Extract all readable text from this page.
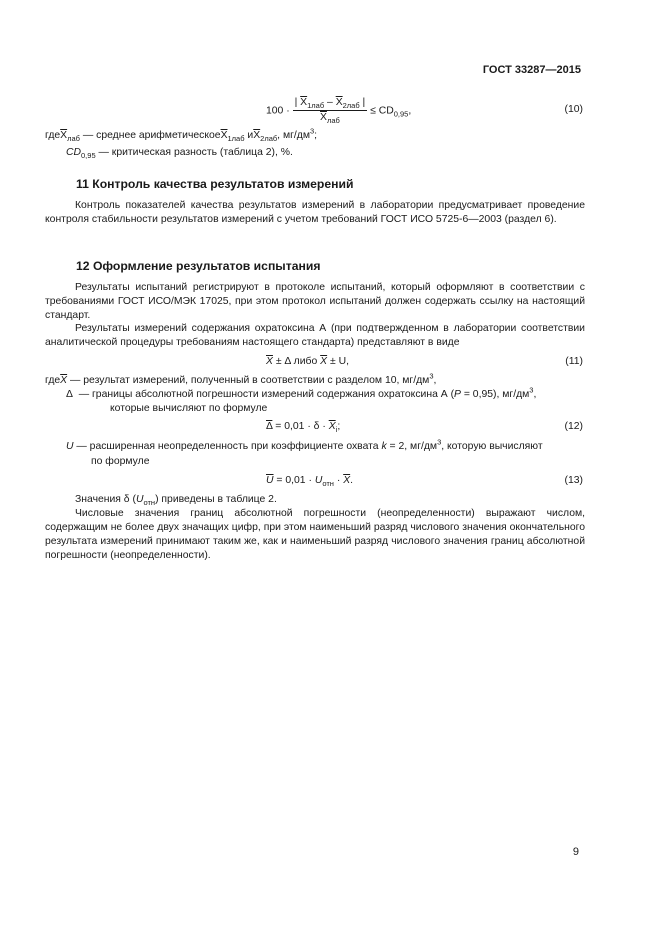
ГОСТ 33287—2015
$100 \cdot \frac{| \overline{X}_{1лаб} - \overline{X}_{2лаб} |}{\overline{X}_{лаб}} \le CD_{0,95}$,	(10)
$где\overline{X}_{лаб}$ — среднее $арифметическое\overline{X}_{1лаб}$ $и\overline{X}_{2лаб}$, $мг/дм^3$;
$CD_{0,95}$ — критическая разность (таблица 2), %.
11 Контроль качества результатов измерений

Контроль показателей качества результатов измерений в лаборатории предусматривает проведение контроля стабильности результатов измерений с учетом требований ГОСТ ИСО 5725-6—2003 (раздел 6).

12 Оформление результатов испытания

Результаты испытаний регистрируют в протоколе испытаний, который оформляют в соответствии с требованиями ГОСТ ИСО/МЭК 17025, при этом протокол испытаний должен содержать ссылку на настоящий стандарт.

Результаты измерений содержания охратоксина А (при подтвержденном в лаборатории соответствии аналитической процедуры требованиям настоящего стандарта) представляют в виде

$\overline{X} \pm \Delta$ либо $\overline{X} \pm U$,	(11)
$где\overline{X}$ — результат измерений, полученный в соответствии с разделом 10, $мг/дм^3$,
Δ — границы абсолютной погрешности измерений содержания охратоксина А (P = 0,95), $мг/дм^3$,
которые вычисляют по формуле
$\overline{\Delta} = 0,01 \cdot \delta \cdot \overline{X}_i$;	(12)
U — расширенная неопределенность при коэффициенте охвата k = 2, $мг/дм^3$, которую вычисляют
по формуле
$\overline{U} = 0,01 \cdot U_{отн} \cdot \overline{X}$.	(13)
Значения δ $(U_{отн})$ приведены в таблице 2.

Числовые значения границ абсолютной погрешности (неопределенности) выражают числом, содержащим не более двух значащих цифр, при этом наименьший разряд числового значения окончательного результата измерений принимают таким же, как и наименьший разряд числового значения границ абсолютной погрешности (неопределенности).

9
